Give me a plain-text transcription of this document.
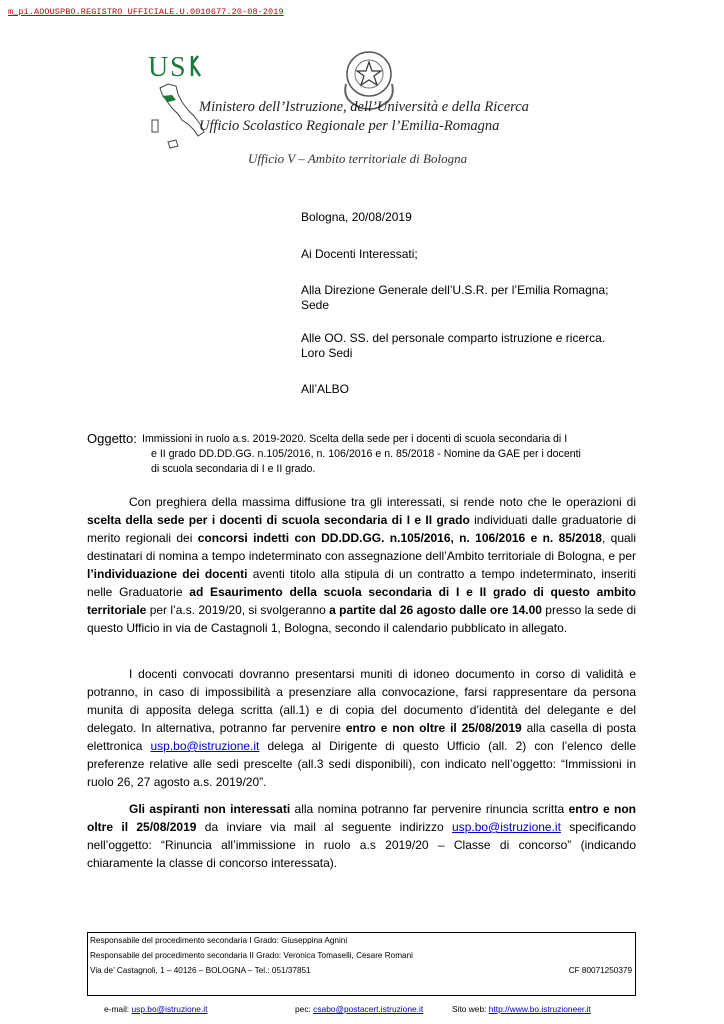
m_pi.AOOUSPBO.REGISTRO UFFICIALE.U.0010677.20-08-2019
U S
Ministero dell’Istruzione, dell’Università e della Ricerca
Ufficio Scolastico Regionale per l’Emilia-Romagna
Ufficio V – Ambito territoriale di Bologna
Bologna, 20/08/2019
Ai Docenti Interessati;
Alla Direzione Generale dell’U.S.R. per l’Emilia Romagna;
Sede
Alle OO. SS. del personale comparto istruzione e ricerca.
Loro Sedi
All’ALBO
Oggetto: Immissioni in ruolo a.s. 2019-2020. Scelta della sede per i docenti di scuola secondaria di I
e II grado DD.DD.GG. n.105/2016, n. 106/2016 e n. 85/2018 - Nomine da GAE per i docenti
di scuola secondaria di I e II grado.

Con preghiera della massima diffusione tra gli interessati, si rende noto che le operazioni di scelta della sede per i docenti di scuola secondaria di I e II grado individuati dalle graduatorie di merito regionali dei concorsi indetti con DD.DD.GG. n.105/2016, n. 106/2016 e n. 85/2018, quali destinatari di nomina a tempo indeterminato con assegnazione dell’Ambito territoriale di Bologna, e per l’individuazione dei docenti aventi titolo alla stipula di un contratto a tempo indeterminato, inseriti nelle Graduatorie ad Esaurimento della scuola secondaria di I e II grado di questo ambito territoriale per l’a.s. 2019/20, si svolgeranno a partite dal 26 agosto dalle ore 14.00 presso la sede di questo Ufficio in via de Castagnoli 1, Bologna, secondo il calendario pubblicato in allegato.

I docenti convocati dovranno presentarsi muniti di idoneo documento in corso di validità e potranno, in caso di impossibilità a presenziare alla convocazione, farsi rappresentare da persona munita di apposita delega scritta (all.1) e di copia del documento d’identità del delegante e del delegato. In alternativa, potranno far pervenire entro e non oltre il 25/08/2019 alla casella di posta elettronica usp.bo@istruzione.it delega al Dirigente di questo Ufficio (all. 2) con l’elenco delle preferenze relative alle sedi prescelte (all.3 sedi disponibili), con indicato nell’oggetto: “Immissioni in ruolo 26, 27 agosto a.s. 2019/20”.

Gli aspiranti non interessati alla nomina potranno far pervenire rinuncia scritta entro e non oltre il 25/08/2019 da inviare via mail al seguente indirizzo usp.bo@istruzione.it specificando nell’oggetto: “Rinuncia all’immissione in ruolo a.s 2019/20 – Classe di concorso” (indicando chiaramente la classe di concorso interessata).

Responsabile del procedimento secondaria I Grado: Giuseppina Agnini
Responsabile del procedimento secondaria II Grado: Veronica Tomaselli, Cesare Romani
Via de’ Castagnoli, 1 – 40126 – BOLOGNA – Tel.: 051/37851	CF 80071250379
e-mail: usp.bo@istruzione.it	pec: csabo@postacert.istruzione.it	Sito web: http://www.bo.istruzioneer.it
